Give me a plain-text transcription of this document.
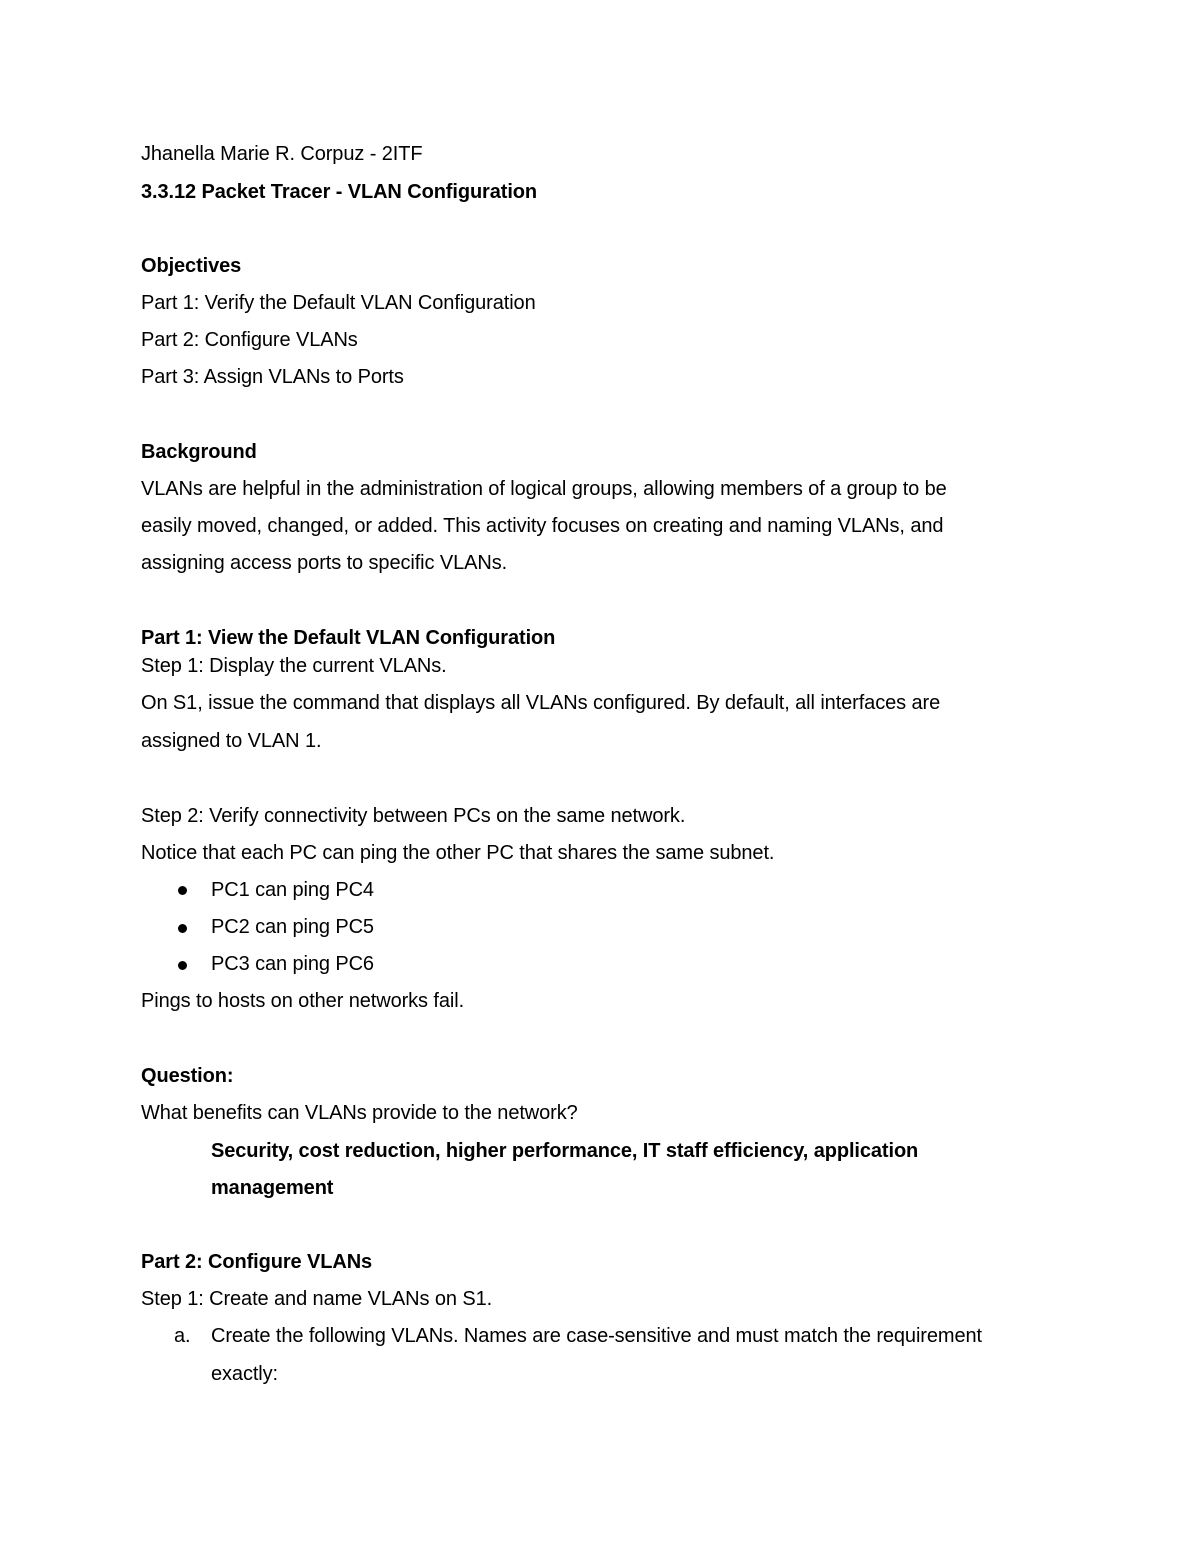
Jhanella Marie R. Corpuz - 2ITF
3.3.12 Packet Tracer - VLAN Configuration
Objectives
Part 1: Verify the Default VLAN Configuration
Part 2: Configure VLANs
Part 3: Assign VLANs to Ports
Background
VLANs are helpful in the administration of logical groups, allowing members of a group to be
easily moved, changed, or added. This activity focuses on creating and naming VLANs, and
assigning access ports to specific VLANs.
Part 1: View the Default VLAN Configuration
Step 1: Display the current VLANs.
On S1, issue the command that displays all VLANs configured. By default, all interfaces are
assigned to VLAN 1.
Step 2: Verify connectivity between PCs on the same network.
Notice that each PC can ping the other PC that shares the same subnet.
PC1 can ping PC4
PC2 can ping PC5
PC3 can ping PC6
Pings to hosts on other networks fail.
Question:
What benefits can VLANs provide to the network?
Security, cost reduction, higher performance, IT staff efficiency, application
management
Part 2: Configure VLANs
Step 1: Create and name VLANs on S1.
a. Create the following VLANs. Names are case-sensitive and must match the requirement
exactly:
